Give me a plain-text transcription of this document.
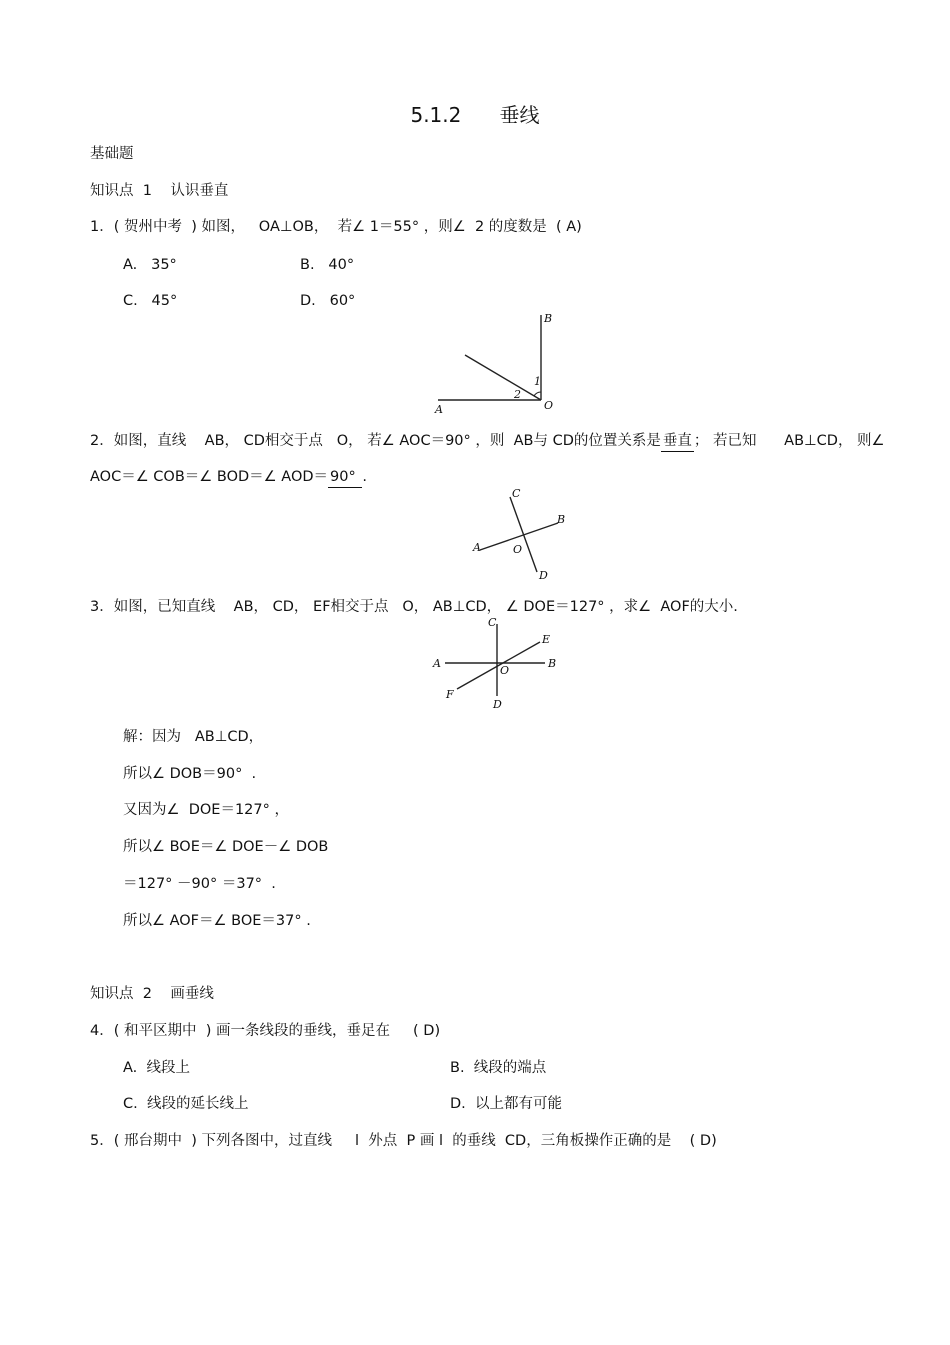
5.1.2      垂线
基础题
知识点  1    认识垂直
1．( 贺州中考  ) 如图，   OA⊥OB，  若∠ 1＝55° ，则∠  2 的度数是  ( A)
A.   35°	B.   40°
C.   45°	D.   60°
B
A	O
1
2
2．如图，直线    AB， CD相交于点   O， 若∠ AOC＝90° ，则  AB与 CD的位置关系是 垂直 ； 若已知      AB⊥CD， 则∠
AOC＝∠ COB＝∠ BOD＝∠ AOD＝ 90° .
C
B
A	O
D
3．如图，已知直线    AB， CD， EF相交于点   O， AB⊥CD， ∠ DOE＝127° ，求∠  AOF的大小.
C
E
A	B
O
F
D
解：因为   AB⊥CD，
所以∠ DOB＝90°  .
又因为∠  DOE＝127° ，
所以∠ BOE＝∠ DOE－∠ DOB
＝127° －90° ＝37°  .
所以∠ AOF＝∠ BOE＝37° .
知识点  2    画垂线
4．( 和平区期中  ) 画一条线段的垂线，垂足在     ( D)
A.  线段上	B.  线段的端点
C.  线段的延长线上	D.  以上都有可能
5．( 邢台期中  ) 下列各图中，过直线     l  外点  P 画 l  的垂线  CD，三角板操作正确的是    ( D)
